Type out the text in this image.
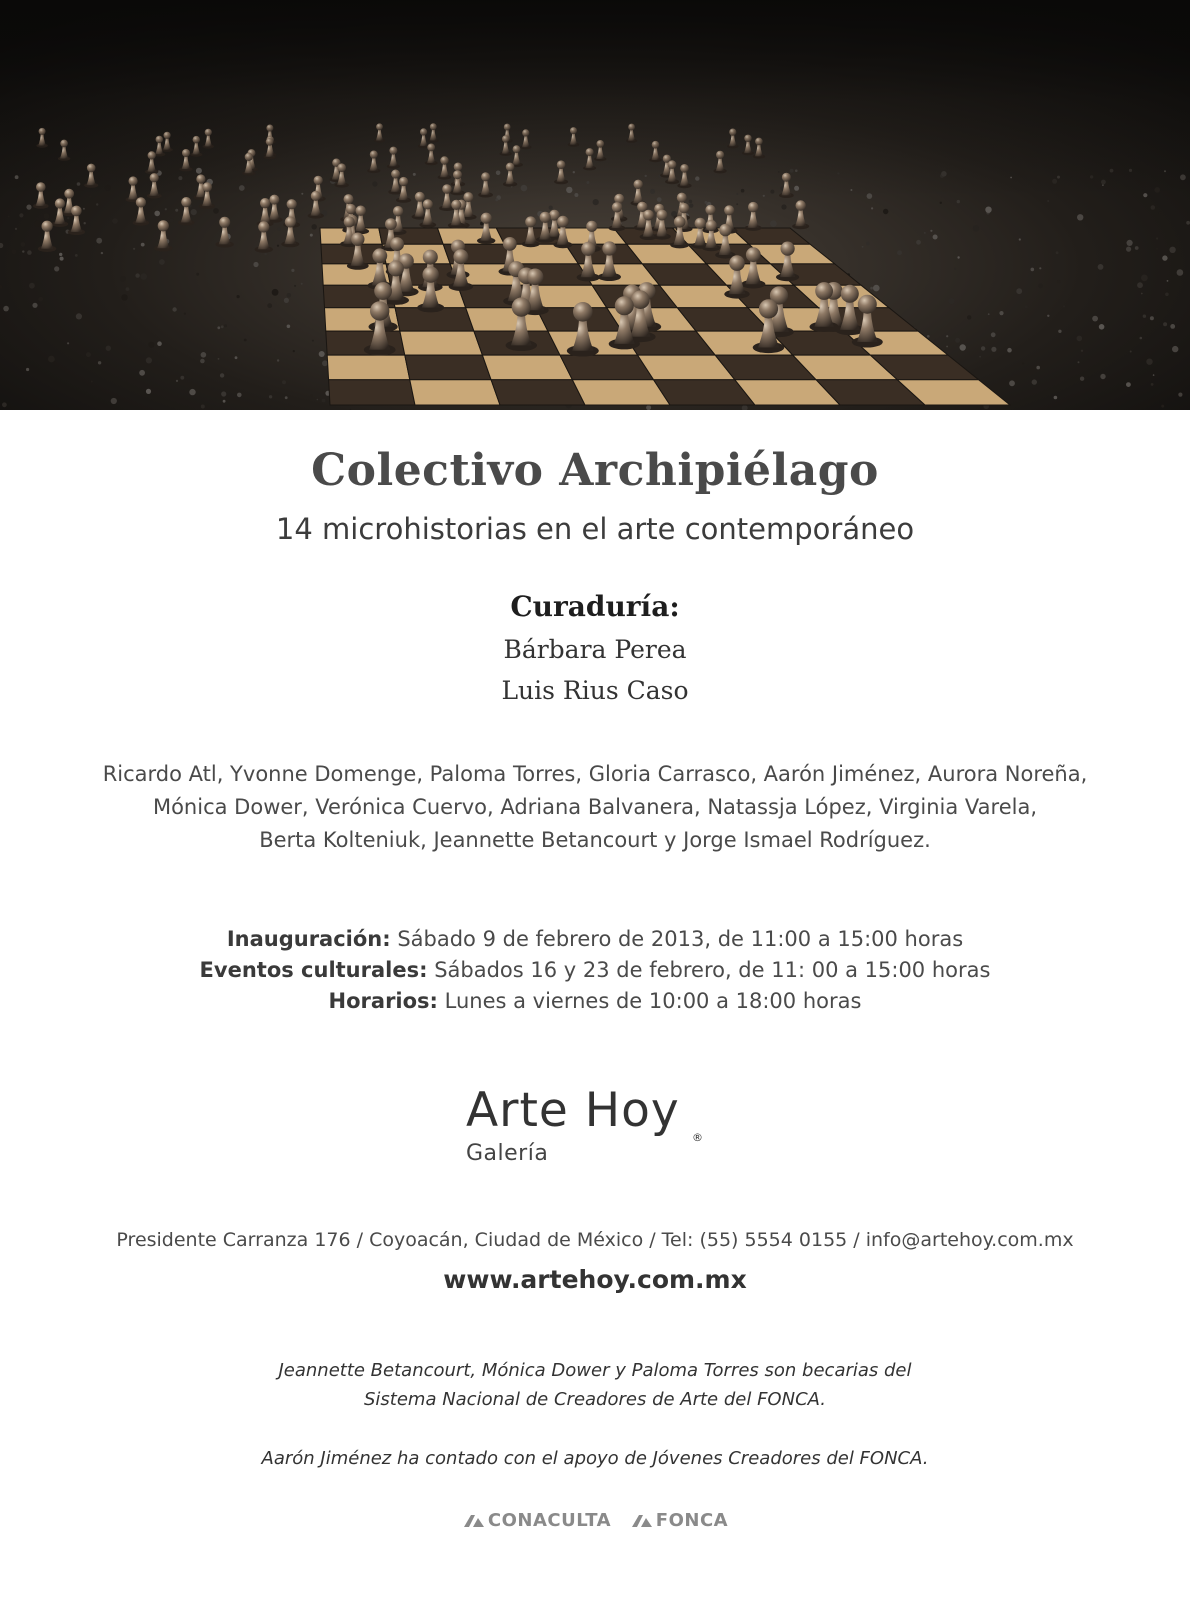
Colectivo Archipiélago
14 microhistorias en el arte contemporáneo
Curaduría:
Bárbara Perea
Luis Rius Caso
Ricardo Atl, Yvonne Domenge, Paloma Torres, Gloria Carrasco, Aarón Jiménez, Aurora Noreña,
Mónica Dower, Verónica Cuervo, Adriana Balvanera, Natassja López, Virginia Varela,
Berta Kolteniuk, Jeannette Betancourt y Jorge Ismael Rodríguez.
Inauguración: Sábado 9 de febrero de 2013, de 11:00 a 15:00 horas
Eventos culturales: Sábados 16 y 23 de febrero, de 11: 00 a 15:00 horas
Horarios: Lunes a viernes de 10:00 a 18:00 horas
Arte Hoy ®
Galería
Presidente Carranza 176 / Coyoacán, Ciudad de México / Tel: (55) 5554 0155 / info@artehoy.com.mx
www.artehoy.com.mx
Jeannette Betancourt, Mónica Dower y Paloma Torres son becarias del
Sistema Nacional de Creadores de Arte del FONCA.
Aarón Jiménez ha contado con el apoyo de Jóvenes Creadores del FONCA.
CONACULTA FONCA
